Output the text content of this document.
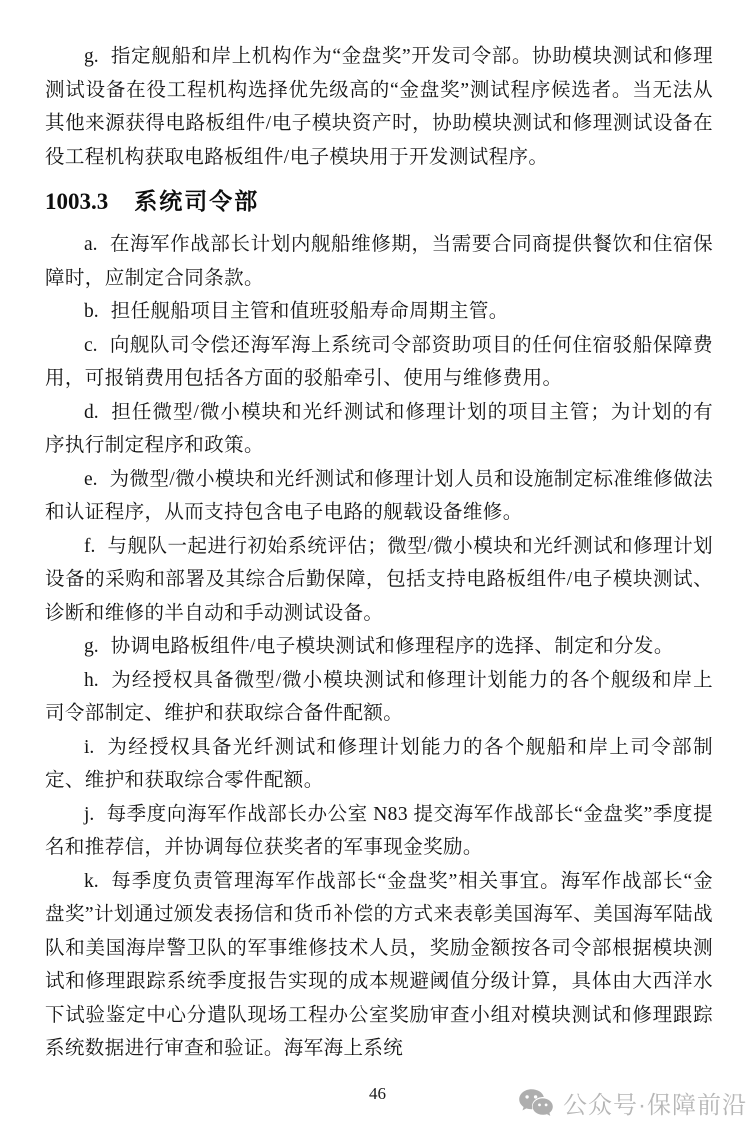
g. 指定舰船和岸上机构作为“金盘奖”开发司令部。协助模块测试和修理测试设备在役工程机构选择优先级高的“金盘奖”测试程序候选者。当无法从其他来源获得电路板组件/电子模块资产时，协助模块测试和修理测试设备在役工程机构获取电路板组件/电子模块用于开发测试程序。

1003.3 系统司令部

a. 在海军作战部长计划内舰船维修期，当需要合同商提供餐饮和住宿保障时，应制定合同条款。

b. 担任舰船项目主管和值班驳船寿命周期主管。

c. 向舰队司令偿还海军海上系统司令部资助项目的任何住宿驳船保障费用，可报销费用包括各方面的驳船牵引、使用与维修费用。

d. 担任微型/微小模块和光纤测试和修理计划的项目主管；为计划的有序执行制定程序和政策。

e. 为微型/微小模块和光纤测试和修理计划人员和设施制定标准维修做法和认证程序，从而支持包含电子电路的舰载设备维修。

f. 与舰队一起进行初始系统评估；微型/微小模块和光纤测试和修理计划设备的采购和部署及其综合后勤保障，包括支持电路板组件/电子模块测试、诊断和维修的半自动和手动测试设备。

g. 协调电路板组件/电子模块测试和修理程序的选择、制定和分发。

h. 为经授权具备微型/微小模块测试和修理计划能力的各个舰级和岸上司令部制定、维护和获取综合备件配额。

i. 为经授权具备光纤测试和修理计划能力的各个舰船和岸上司令部制定、维护和获取综合零件配额。

j. 每季度向海军作战部长办公室 N83 提交海军作战部长“金盘奖”季度提名和推荐信，并协调每位获奖者的军事现金奖励。

k. 每季度负责管理海军作战部长“金盘奖”相关事宜。海军作战部长“金盘奖”计划通过颁发表扬信和货币补偿的方式来表彰美国海军、美国海军陆战队和美国海岸警卫队的军事维修技术人员，奖励金额按各司令部根据模块测试和修理跟踪系统季度报告实现的成本规避阈值分级计算，具体由大西洋水下试验鉴定中心分遣队现场工程办公室奖励审查小组对模块测试和修理跟踪系统数据进行审查和验证。海军海上系统

46	公众号·保障前沿
